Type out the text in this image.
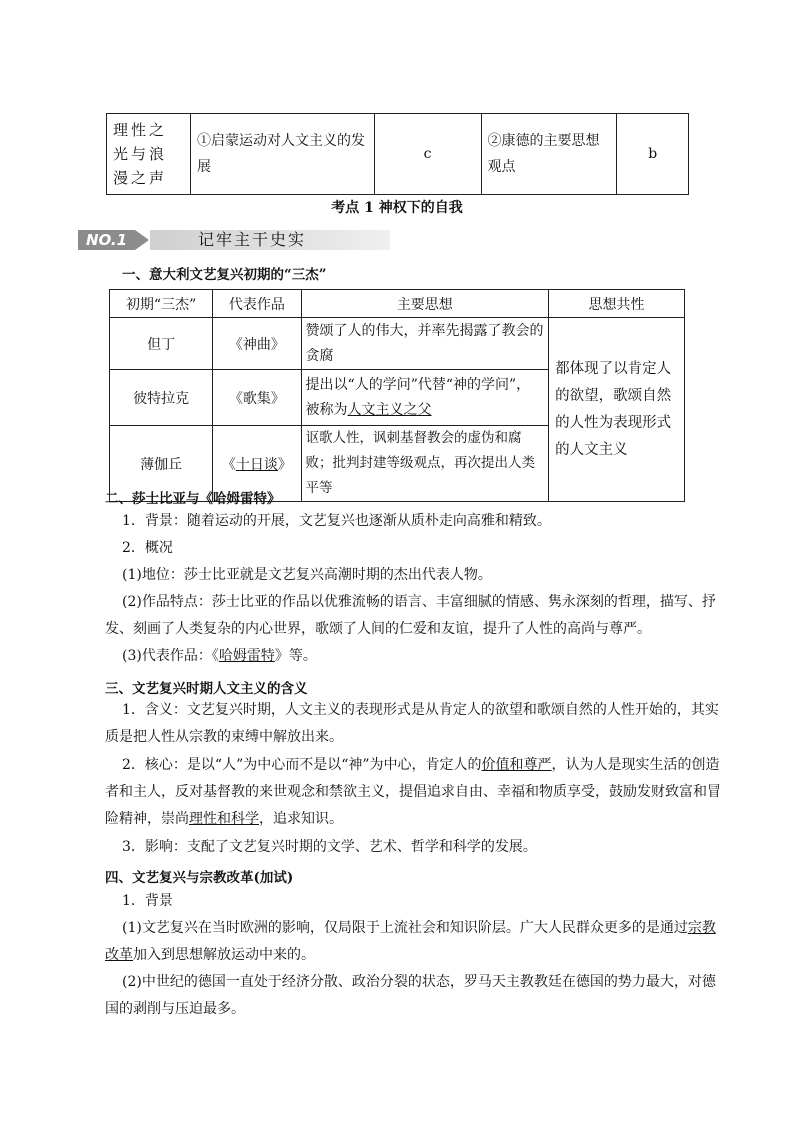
理性之光与浪漫之声	①启蒙运动对人文主义的发展	c	②康德的主要思想观点	b
考点 1 神权下的自我
NO.1	记牢主干史实
一、意大利文艺复兴初期的“三杰”
初期“三杰”	代表作品	主要思想	思想共性
但丁	《神曲》	赞颂了人的伟大，并率先揭露了教会的贪腐	都体现了以肯定人的欲望，歌颂自然的人性为表现形式的人文主义
彼特拉克	《歌集》	提出以“人的学问”代替“神的学问”，被称为人文主义之父	
薄伽丘	《十日谈》	讴歌人性，讽刺基督教会的虚伪和腐败；批判封建等级观点，再次提出人类平等	
二、莎士比亚与《哈姆雷特》
1．背景：随着运动的开展，文艺复兴也逐渐从质朴走向高雅和精致。
2．概况
(1)地位：莎士比亚就是文艺复兴高潮时期的杰出代表人物。
(2)作品特点：莎士比亚的作品以优雅流畅的语言、丰富细腻的情感、隽永深刻的哲理，描写、抒发、刻画了人类复杂的内心世界，歌颂了人间的仁爱和友谊，提升了人性的高尚与尊严。
(3)代表作品：《哈姆雷特》等。
三、文艺复兴时期人文主义的含义
1．含义：文艺复兴时期，人文主义的表现形式是从肯定人的欲望和歌颂自然的人性开始的，其实质是把人性从宗教的束缚中解放出来。
2．核心：是以“人”为中心而不是以“神”为中心，肯定人的价值和尊严，认为人是现实生活的创造者和主人，反对基督教的来世观念和禁欲主义，提倡追求自由、幸福和物质享受，鼓励发财致富和冒险精神，崇尚理性和科学，追求知识。
3．影响：支配了文艺复兴时期的文学、艺术、哲学和科学的发展。
四、文艺复兴与宗教改革(加试)
1．背景
(1)文艺复兴在当时欧洲的影响，仅局限于上流社会和知识阶层。广大人民群众更多的是通过宗教改革加入到思想解放运动中来的。
(2)中世纪的德国一直处于经济分散、政治分裂的状态，罗马天主教教廷在德国的势力最大，对德国的剥削与压迫最多。
